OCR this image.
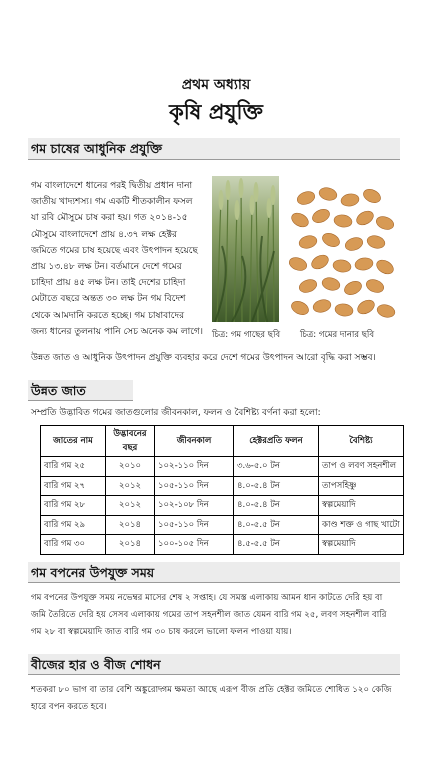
প্রথম অধ্যায়
কৃষি প্রযুক্তি
গম চাষের আধুনিক প্রযুক্তি
গম বাংলাদেশে ধানের পরই দ্বিতীয় প্রধান দানা
জাতীয় খাদ্যশস্য। গম একটি শীতকালীন ফসল
যা রবি মৌসুমে চাষ করা হয়। গত ২০১৪-১৫
মৌসুমে বাংলাদেশে প্রায় ৪.৩৭ লক্ষ হেক্টর
জমিতে গমের চাষ হয়েছে এবং উৎপাদন হয়েছে
প্রায় ১৩.৪৮ লক্ষ টন। বর্তমানে দেশে গমের
চাহিদা প্রায় ৪৫ লক্ষ টন। তাই দেশের চাহিদা
মেটাতে বছরে অন্তত ৩০ লক্ষ টন গম বিদেশ
থেকে আমদানি করতে হচ্ছে। গম চাষাবাদের
জন্য ধানের তুলনায় পানি সেচ অনেক কম লাগে।	চিত্র: গম গাছের ছবি চিত্র: গমের দানার ছবি
উন্নত জাত ও আধুনিক উৎপাদন প্রযুক্তি ব্যবহার করে দেশে গমের উৎপাদন আরো বৃদ্ধি করা সম্ভব।
উন্নত জাত
সম্প্রতি উদ্ভাবিত গমের জাতগুলোর জীবনকাল, ফলন ও বৈশিষ্ট্য বর্ণনা করা হলো:
জাতের নাম	উদ্ভাবনের বছর	জীবনকাল	হেক্টরপ্রতি ফলন	বৈশিষ্ট্য
বারি গম ২৫	২০১০	১০২-১১০ দিন	৩.৬-৫.০ টন	তাপ ও লবণ সহনশীল
বারি গম ২৭	২০১২	১০৫-১১০ দিন	৪.০-৫.৪ টন	তাপসহিষ্ণু
বারি গম ২৮	২০১২	১০২-১০৮ দিন	৪.০-৫.৪ টন	স্বল্পমেয়াদি
বারি গম ২৯	২০১৪	১০৫-১১০ দিন	৪.০-৫.৫ টন	কাণ্ড শক্ত ও গাছ খাটো
বারি গম ৩০	২০১৪	১০০-১০৫ দিন	৪.৫-৫.৫ টন	স্বল্পমেয়াদি
গম বপনের উপযুক্ত সময়
গম বপনের উপযুক্ত সময় নভেম্বর মাসের শেষ ২ সপ্তাহ। যে সমস্ত এলাকায় আমন ধান কাটতে দেরি হয় বা
জমি তৈরিতে দেরি হয় সেসব এলাকায় গমের তাপ সহনশীল জাত যেমন বারি গম ২৫, লবণ সহনশীল বারি
গম ২৮ বা স্বল্পমেয়াদি জাত বারি গম ৩০ চাষ করলে ভালো ফলন পাওয়া যায়।
বীজের হার ও বীজ শোধন
শতকরা ৮০ ভাগ বা তার বেশি অঙ্কুরোদ্গম ক্ষমতা আছে এরূপ বীজ প্রতি হেক্টর জমিতে শোধিত ১২০ কেজি
হারে বপন করতে হবে।
